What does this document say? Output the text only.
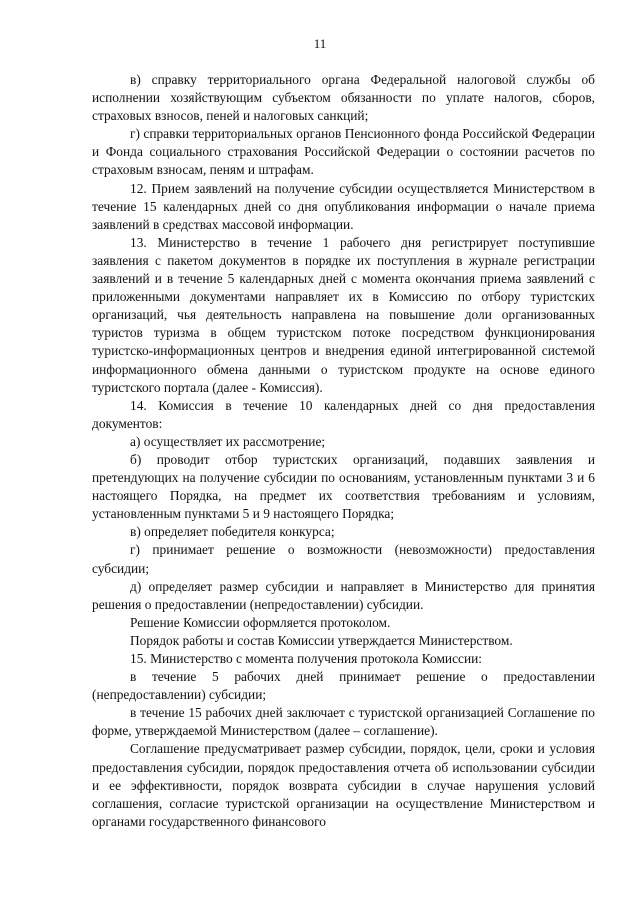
11

в) справку территориального органа Федеральной налоговой службы об исполнении хозяйствующим субъектом обязанности по уплате налогов, сборов, страховых взносов, пеней и налоговых санкций;

г) справки территориальных органов Пенсионного фонда Российской Федерации и Фонда социального страхования Российской Федерации о состоянии расчетов по страховым взносам, пеням и штрафам.

12. Прием заявлений на получение субсидии осуществляется Министерством в течение 15 календарных дней со дня опубликования информации о начале приема заявлений в средствах массовой информации.

13. Министерство в течение 1 рабочего дня регистрирует поступившие заявления с пакетом документов в порядке их поступления в журнале регистрации заявлений и в течение 5 календарных дней с момента окончания приема заявлений с приложенными документами направляет их в Комиссию по отбору туристских организаций, чья деятельность направлена на повышение доли организованных туристов туризма в общем туристском потоке посредством функционирования туристско-информационных центров и внедрения единой интегрированной системой информационного обмена данными о туристском продукте на основе единого туристского портала (далее - Комиссия).

14. Комиссия в течение 10 календарных дней со дня предоставления документов:

а) осуществляет их рассмотрение;

б) проводит отбор туристских организаций, подавших заявления и претендующих на получение субсидии по основаниям, установленным пунктами 3 и 6 настоящего Порядка, на предмет их соответствия требованиям и условиям, установленным пунктами 5 и 9 настоящего Порядка;

в) определяет победителя конкурса;

г) принимает решение о возможности (невозможности) предоставления субсидии;

д) определяет размер субсидии и направляет в Министерство для принятия решения о предоставлении (непредоставлении) субсидии.

Решение Комиссии оформляется протоколом.

Порядок работы и состав Комиссии утверждается Министерством.

15. Министерство с момента получения протокола Комиссии:

в течение 5 рабочих дней принимает решение о предоставлении (непредоставлении) субсидии;

в течение 15 рабочих дней заключает с туристской организацией Соглашение по форме, утверждаемой Министерством (далее – соглашение).

Соглашение предусматривает размер субсидии, порядок, цели, сроки и условия предоставления субсидии, порядок предоставления отчета об использовании субсидии и ее эффективности, порядок возврата субсидии в случае нарушения условий соглашения, согласие туристской организации на осуществление Министерством и органами государственного финансового
